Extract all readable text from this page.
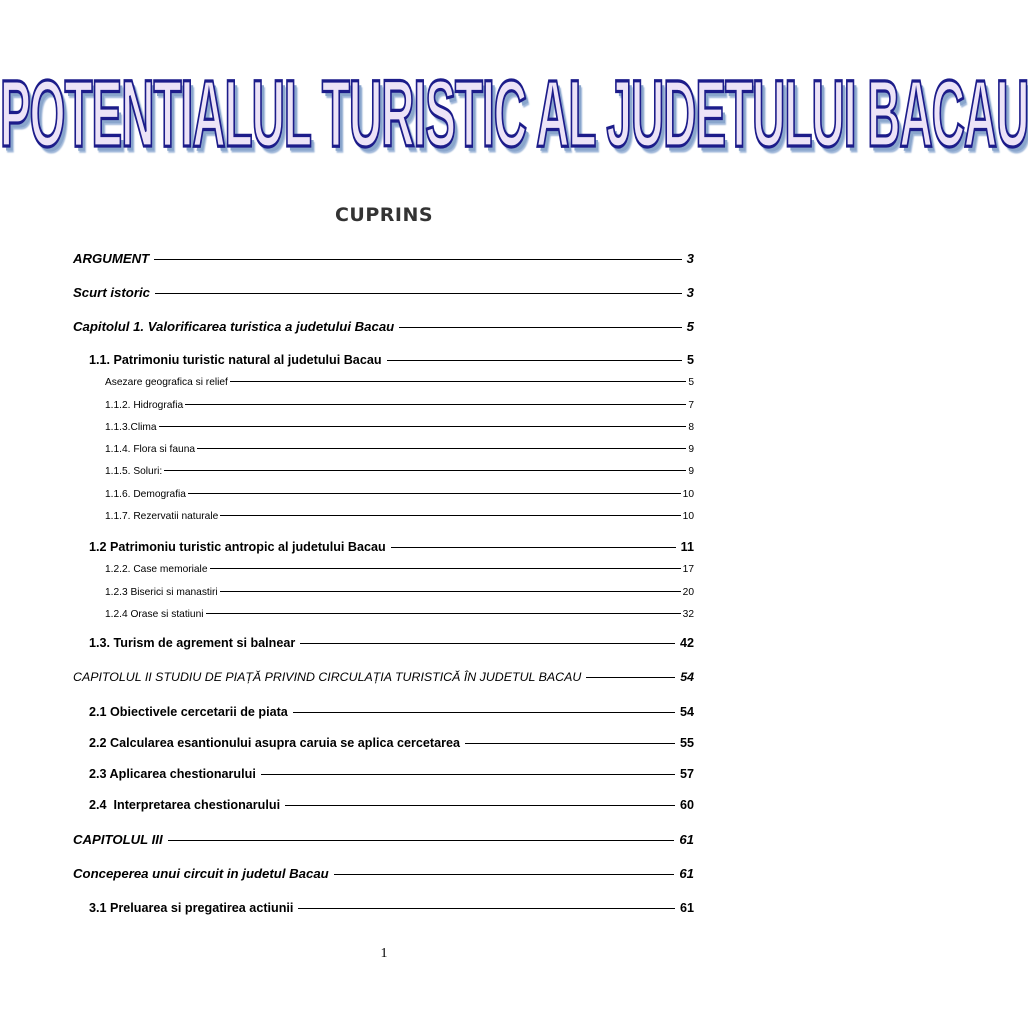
POTENTIALUL TURISTIC AL JUDETULUI BACAU
CUPRINS
ARGUMENT	3
Scurt istoric	3
Capitolul 1. Valorificarea turistica a judetului Bacau	5
1.1. Patrimoniu turistic natural al judetului Bacau	5
Asezare geografica si relief	5
1.1.2. Hidrografia	7
1.1.3.Clima	8
1.1.4. Flora si fauna	9
1.1.5. Soluri:	9
1.1.6. Demografia	10
1.1.7. Rezervatii naturale	10
1.2 Patrimoniu turistic antropic al judetului Bacau	11
1.2.2. Case memoriale	17
1.2.3 Biserici si manastiri	20
1.2.4 Orase si statiuni	32
1.3. Turism de agrement si balnear	42
CAPITOLUL II STUDIU DE PIAȚĂ PRIVIND CIRCULAȚIA TURISTICĂ ÎN JUDETUL BACAU	54
2.1 Obiectivele cercetarii de piata	54
2.2 Calcularea esantionului asupra caruia se aplica cercetarea	55
2.3 Aplicarea chestionarului	57
2.4  Interpretarea chestionarului	60
CAPITOLUL III	61
Conceperea unui circuit in judetul Bacau	61
3.1 Preluarea si pregatirea actiunii	61
1
